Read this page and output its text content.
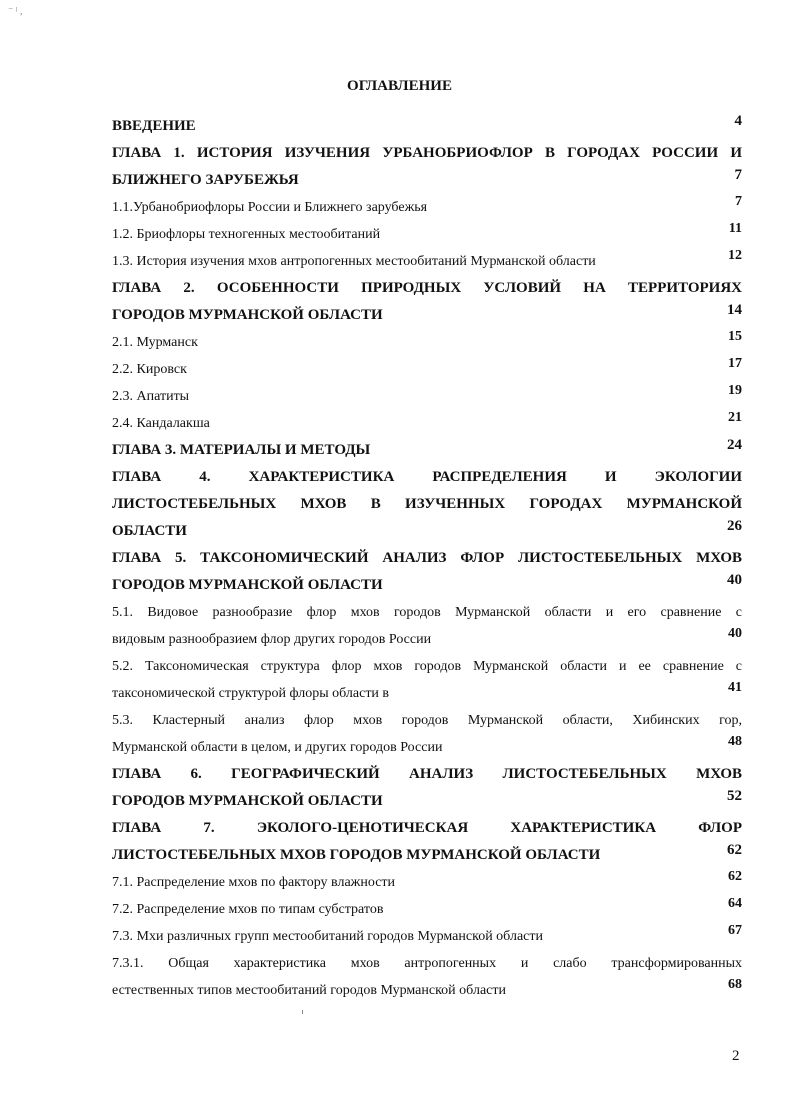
⁻ ˡ ,
ОГЛАВЛЕНИЕ
ВВЕДЕНИЕ	4
ГЛАВА 1. ИСТОРИЯ ИЗУЧЕНИЯ УРБАНОБРИОФЛОР В ГОРОДАХ РОССИИ И
БЛИЖНЕГО ЗАРУБЕЖЬЯ	7
1.1.Урбанобриофлоры России и Ближнего зарубежья	7
1.2. Бриофлоры техногенных местообитаний	11
1.3. История изучения мхов антропогенных местообитаний Мурманской области	12
ГЛАВА 2. ОСОБЕННОСТИ ПРИРОДНЫХ УСЛОВИЙ НА ТЕРРИТОРИЯХ
ГОРОДОВ МУРМАНСКОЙ ОБЛАСТИ	14
2.1. Мурманск	15
2.2. Кировск	17
2.3. Апатиты	19
2.4. Кандалакша	21
ГЛАВА 3. МАТЕРИАЛЫ И МЕТОДЫ	24
ГЛАВА 4. ХАРАКТЕРИСТИКА РАСПРЕДЕЛЕНИЯ И ЭКОЛОГИИ
ЛИСТОСТЕБЕЛЬНЫХ МХОВ В ИЗУЧЕННЫХ ГОРОДАХ МУРМАНСКОЙ
ОБЛАСТИ	26
ГЛАВА 5. ТАКСОНОМИЧЕСКИЙ АНАЛИЗ ФЛОР ЛИСТОСТЕБЕЛЬНЫХ МХОВ
ГОРОДОВ МУРМАНСКОЙ ОБЛАСТИ	40
5.1. Видовое разнообразие флор мхов городов Мурманской области и его сравнение с
видовым разнообразием флор других городов России	40
5.2. Таксономическая структура флор мхов городов Мурманской области и ее сравнение с
таксономической структурой флоры области в	41
5.3. Кластерный анализ флор мхов городов Мурманской области, Хибинских гор,
Мурманской области в целом, и других городов России	48
ГЛАВА 6. ГЕОГРАФИЧЕСКИЙ АНАЛИЗ ЛИСТОСТЕБЕЛЬНЫХ МХОВ
ГОРОДОВ МУРМАНСКОЙ ОБЛАСТИ	52
ГЛАВА 7. ЭКОЛОГО-ЦЕНОТИЧЕСКАЯ ХАРАКТЕРИСТИКА ФЛОР
ЛИСТОСТЕБЕЛЬНЫХ МХОВ ГОРОДОВ МУРМАНСКОЙ ОБЛАСТИ	62
7.1. Распределение мхов по фактору влажности	62
7.2. Распределение мхов по типам субстратов	64
7.3. Мхи различных групп местообитаний городов Мурманской области	67
7.3.1. Общая характеристика мхов антропогенных и слабо трансформированных
естественных типов местообитаний городов Мурманской области	68
2
